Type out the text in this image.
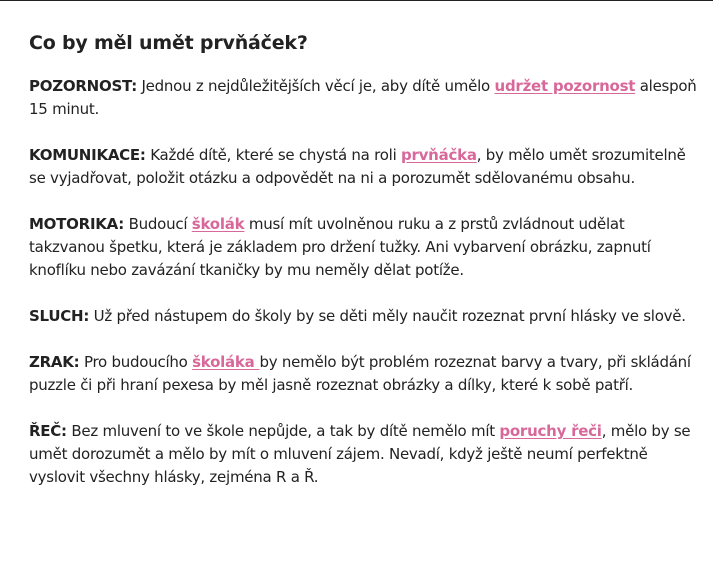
Co by měl umět prvňáček?

POZORNOST: Jednou z nejdůležitějších věcí je, aby dítě umělo udržet pozornost alespoň 15 minut.

KOMUNIKACE: Každé dítě, které se chystá na roli prvňáčka, by mělo umět srozumitelně se vyjadřovat, položit otázku a odpovědět na ni a porozumět sdělovanému obsahu.

MOTORIKA: Budoucí školák musí mít uvolněnou ruku a z prstů zvládnout udělat takzvanou špetku, která je základem pro držení tužky. Ani vybarvení obrázku, zapnutí knoflíku nebo zavázání tkaničky by mu neměly dělat potíže.

SLUCH: Už před nástupem do školy by se děti měly naučit rozeznat první hlásky ve slově.

ZRAK: Pro budoucího školáka by nemělo být problém rozeznat barvy a tvary, při skládání puzzle či při hraní pexesa by měl jasně rozeznat obrázky a dílky, které k sobě patří.

ŘEČ: Bez mluvení to ve škole nepůjde, a tak by dítě nemělo mít poruchy řeči, mělo by se umět dorozumět a mělo by mít o mluvení zájem. Nevadí, když ještě neumí perfektně vyslovit všechny hlásky, zejména R a Ř.
